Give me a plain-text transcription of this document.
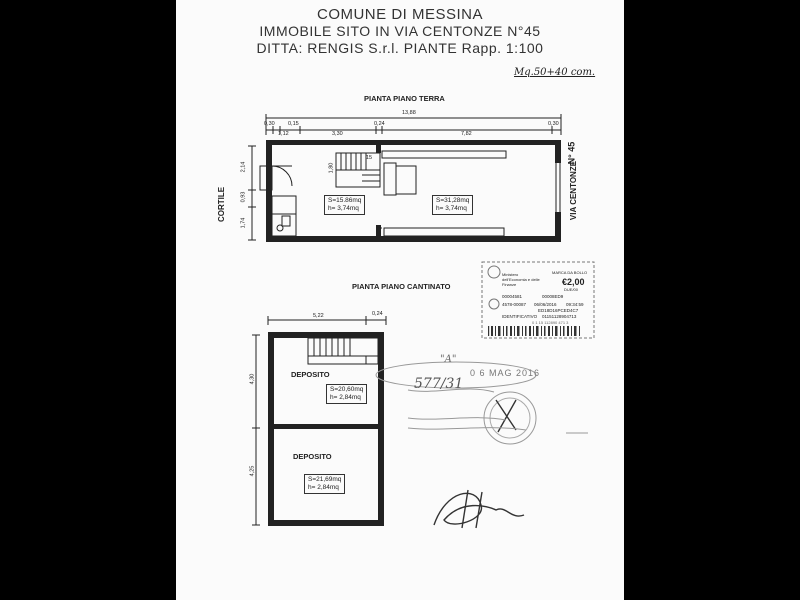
COMUNE DI MESSINA
IMMOBILE SITO IN VIA CENTONZE N°45
DITTA: RENGIS S.r.l. PIANTE Rapp. 1:100
Mq.50+40 com.
PIANTA PIANO TERRA
13,88
0,30 0,15
1,12	3,30
0,24
7,82
0,30
2,14
0,93
1,74
15
1,80
CORTILE	VIA CENTONZE
N° 45
S=15.86mq
h= 3,74mq
S=31,28mq
h= 3,74mq
PIANTA PIANO CANTINATO
5,22	0,24
4,30
4,25
DEPOSITO
S=20,60mq
h= 2,84mq
DEPOSITO
S=21,69mq
h= 2,84mq
Ministero dell'Economia e delle Finanze
MARCA DA BOLLO
€2,00
DUE/00
00004581	00008ED9
4578-00087 06/06/2016 09:34:59
ED18D16PCED4C7
IDENTIFICATIVO 01151128904713
0 1 15 112890 471 3
"A"
0 6 MAG 2016
577/31
